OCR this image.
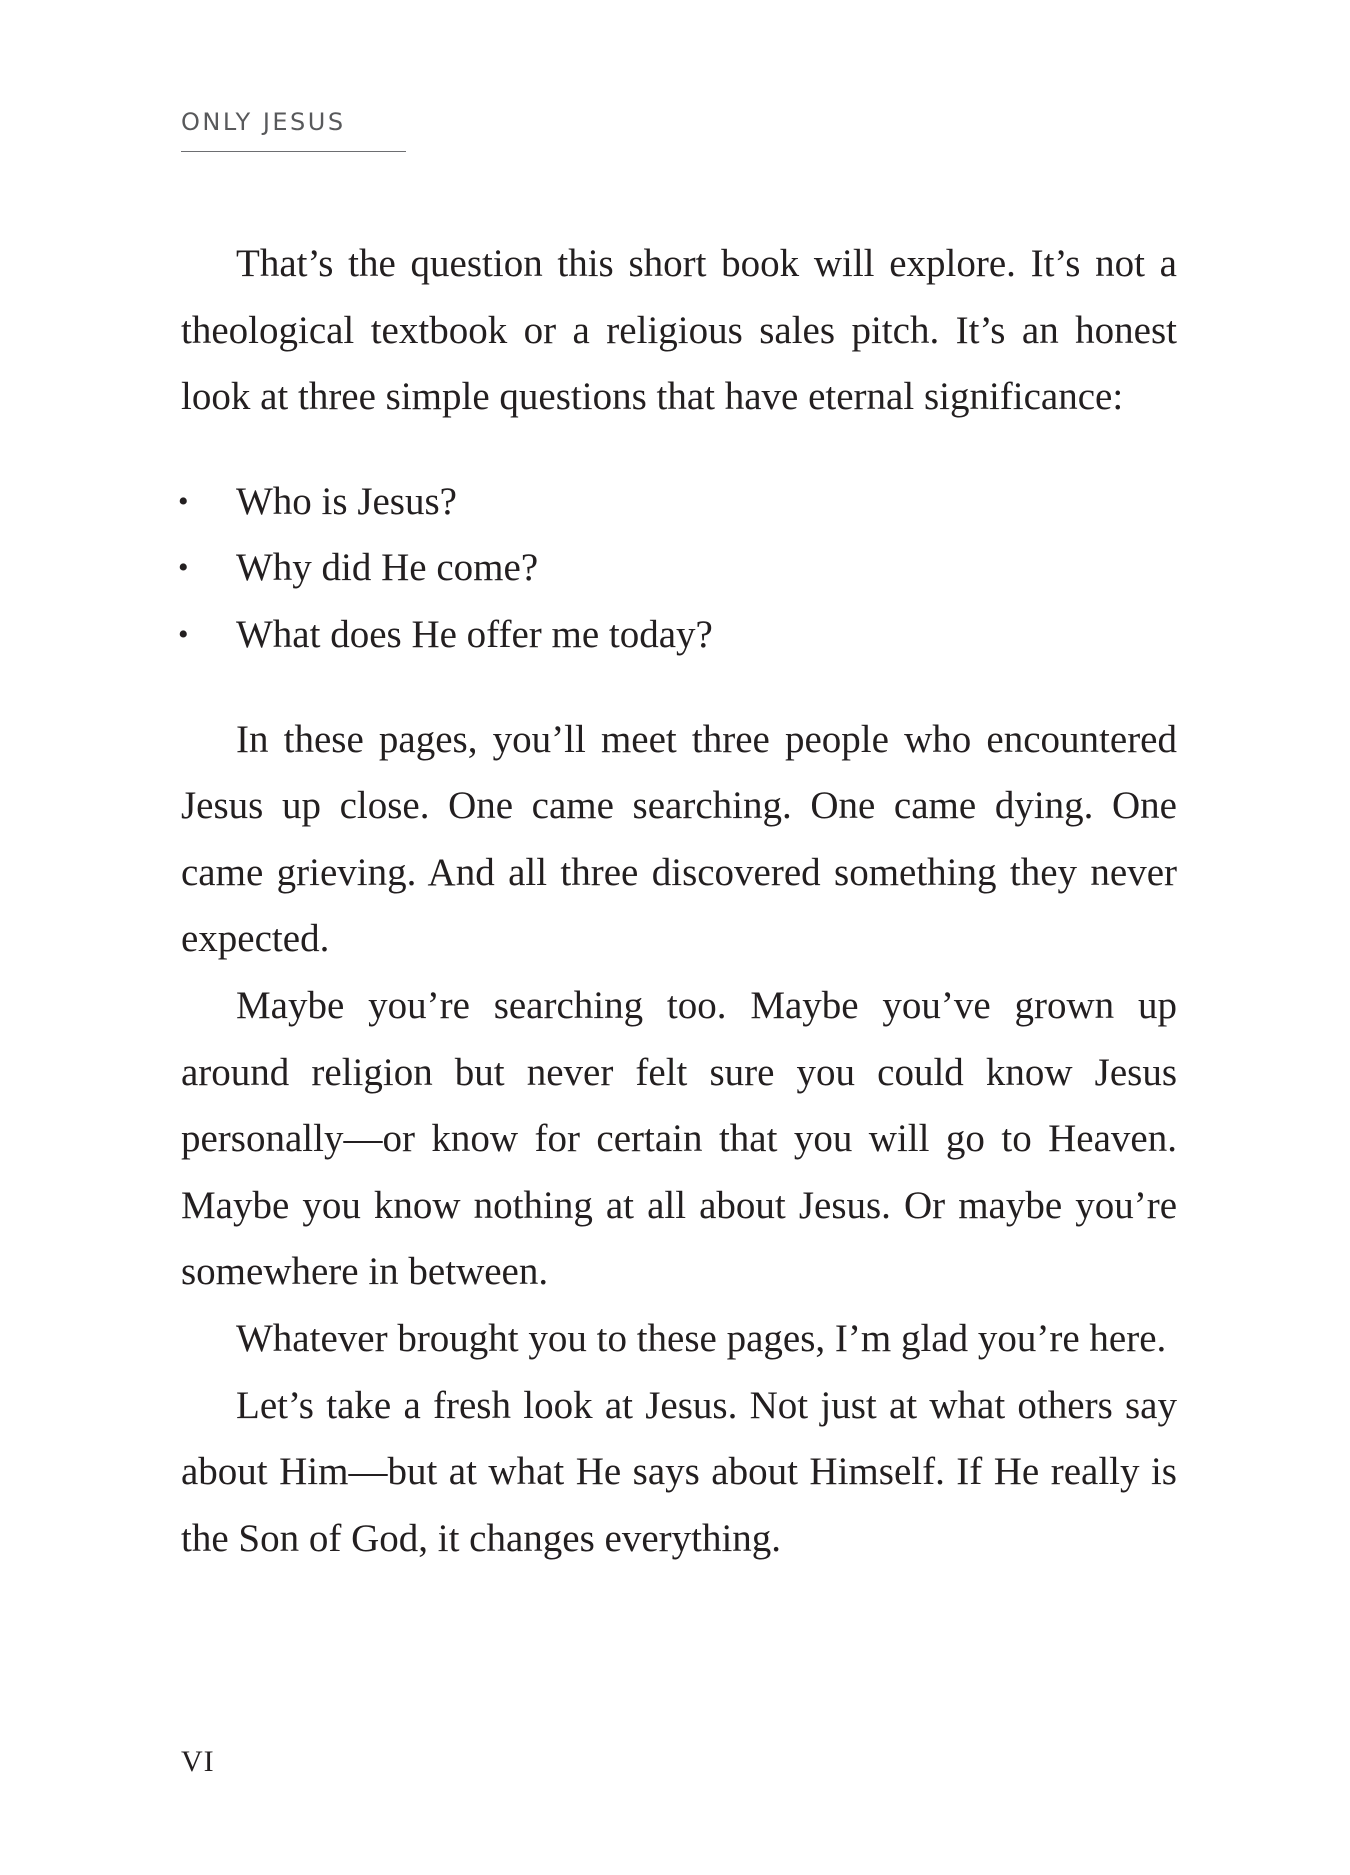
ONLY JESUS

That’s the question this short book will explore. It’s not a theological textbook or a religious sales pitch. It’s an honest look at three simple questions that have eternal significance:

• Who is Jesus?
• Why did He come?
• What does He offer me today?

In these pages, you’ll meet three people who encountered Jesus up close. One came searching. One came dying. One came grieving. And all three discovered something they never expected.

Maybe you’re searching too. Maybe you’ve grown up around religion but never felt sure you could know Jesus personally—or know for certain that you will go to Heaven. Maybe you know nothing at all about Jesus. Or maybe you’re somewhere in between.

Whatever brought you to these pages, I’m glad you’re here.

Let’s take a fresh look at Jesus. Not just at what others say about Him—but at what He says about Himself. If He really is the Son of God, it changes everything.

VI
